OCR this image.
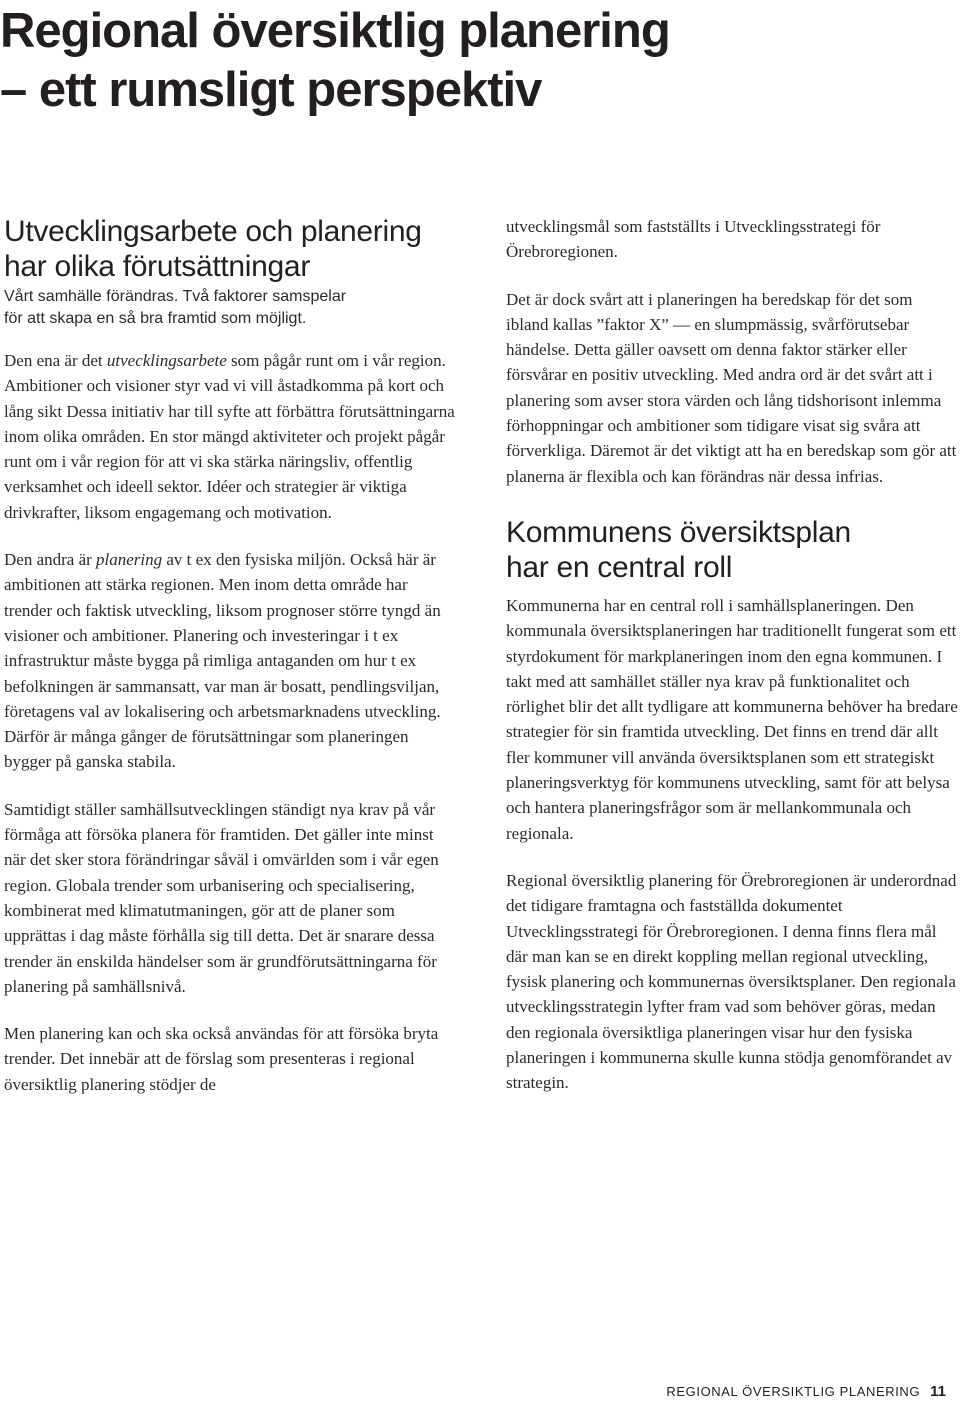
Regional översiktlig planering
– ett rumsligt perspektiv
Utvecklingsarbete och planering
har olika förutsättningar

Vårt samhälle förändras. Två faktorer samspelar
för att skapa en så bra framtid som möjligt.

Den ena är det utvecklingsarbete som pågår runt om i vår region. Ambitioner och visioner styr vad vi vill åstadkomma på kort och lång sikt Dessa initiativ har till syfte att förbättra förutsättningarna inom olika områden. En stor mängd aktiviteter och projekt pågår runt om i vår region för att vi ska stärka näringsliv, offentlig verksamhet och ideell sektor. Idéer och strategier är viktiga drivkrafter, liksom engagemang och motivation.

Den andra är planering av t ex den fysiska miljön. Också här är ambitionen att stärka regionen. Men inom detta område har trender och faktisk utveckling, liksom prognoser större tyngd än visioner och ambitioner. Planering och investeringar i t ex infrastruktur måste bygga på rimliga antaganden om hur t ex befolkningen är sammansatt, var man är bosatt, pendlingsviljan, företagens val av lokalisering och arbetsmarknadens utveckling. Därför är många gånger de förutsättningar som planeringen bygger på ganska stabila.

Samtidigt ställer samhällsutvecklingen ständigt nya krav på vår förmåga att försöka planera för framtiden. Det gäller inte minst när det sker stora förändringar såväl i omvärlden som i vår egen region. Globala trender som urbanisering och specialisering, kombinerat med klimatutmaningen, gör att de planer som upprättas i dag måste förhålla sig till detta. Det är snarare dessa trender än enskilda händelser som är grundförutsättningarna för planering på samhällsnivå.

Men planering kan och ska också användas för att försöka bryta trender. Det innebär att de förslag som presenteras i regional översiktlig planering stödjer de

utvecklingsmål som fastställts i Utvecklingsstrategi för Örebroregionen.

Det är dock svårt att i planeringen ha beredskap för det som ibland kallas ”faktor X” — en slumpmässig, svårförutsebar händelse. Detta gäller oavsett om denna faktor stärker eller försvårar en positiv utveckling. Med andra ord är det svårt att i planering som avser stora värden och lång tidshorisont inlemma förhoppningar och ambitioner som tidigare visat sig svåra att förverkliga. Däremot är det viktigt att ha en beredskap som gör att planerna är flexibla och kan förändras när dessa infrias.

Kommunens översiktsplan
har en central roll

Kommunerna har en central roll i samhällsplaneringen. Den kommunala översiktsplaneringen har traditionellt fungerat som ett styrdokument för markplaneringen inom den egna kommunen. I takt med att samhället ställer nya krav på funktionalitet och rörlighet blir det allt tydligare att kommunerna behöver ha bredare strategier för sin framtida utveckling. Det finns en trend där allt fler kommuner vill använda översiktsplanen som ett strategiskt planeringsverktyg för kommunens utveckling, samt för att belysa och hantera planeringsfrågor som är mellankommunala och regionala.

Regional översiktlig planering för Örebroregionen är underordnad det tidigare framtagna och fastställda dokumentet Utvecklingsstrategi för Örebroregionen. I denna finns flera mål där man kan se en direkt koppling mellan regional utveckling, fysisk planering och kommunernas översiktsplaner. Den regionala utvecklingsstrategin lyfter fram vad som behöver göras, medan den regionala översiktliga planeringen visar hur den fysiska planeringen i kommunerna skulle kunna stödja genomförandet av strategin.

REGIONAL ÖVERSIKTLIG PLANERING 11
